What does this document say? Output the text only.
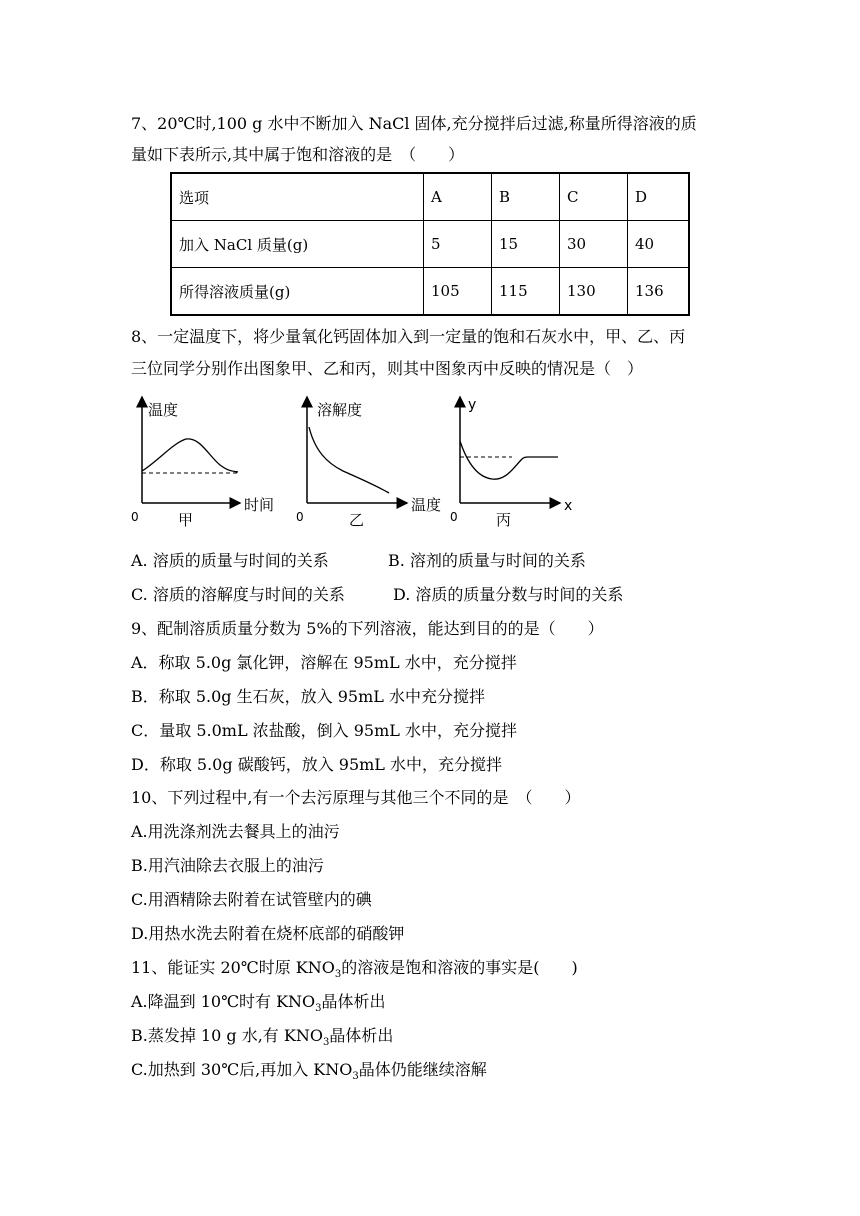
7、20℃时,100 g 水中不断加入 NaCl 固体,充分搅拌后过滤,称量所得溶液的质
量如下表所示,其中属于饱和溶液的是　（　　）
选项	A	B	C	D
加入 NaCl 质量(g)	5	15	30	40
所得溶液质量(g)	105	115	130	136
8、一定温度下，将少量氧化钙固体加入到一定量的饱和石灰水中，甲、乙、丙
三位同学分别作出图象甲、乙和丙，则其中图象丙中反映的情况是（　）
温度
时间
0	甲
溶解度
温度
0	乙
y
x
0	丙
A. 溶质的质量与时间的关系	B. 溶剂的质量与时间的关系
C. 溶质的溶解度与时间的关系	D. 溶质的质量分数与时间的关系
9、配制溶质质量分数为 5%的下列溶液，能达到目的的是（　　）
A．称取 5.0g 氯化钾，溶解在 95mL 水中，充分搅拌
B．称取 5.0g 生石灰，放入 95mL 水中充分搅拌
C．量取 5.0mL 浓盐酸，倒入 95mL 水中，充分搅拌
D．称取 5.0g 碳酸钙，放入 95mL 水中，充分搅拌
10、下列过程中,有一个去污原理与其他三个不同的是　（　　）
A.用洗涤剂洗去餐具上的油污
B.用汽油除去衣服上的油污
C.用酒精除去附着在试管壁内的碘
D.用热水洗去附着在烧杯底部的硝酸钾
11、能证实 20℃时原 $KNO_3$的溶液是饱和溶液的事实是(　　)
A.降温到 10℃时有 $KNO_3$晶体析出
B.蒸发掉 10 g 水,有 $KNO_3$晶体析出
C.加热到 30℃后,再加入 $KNO_3$晶体仍能继续溶解
